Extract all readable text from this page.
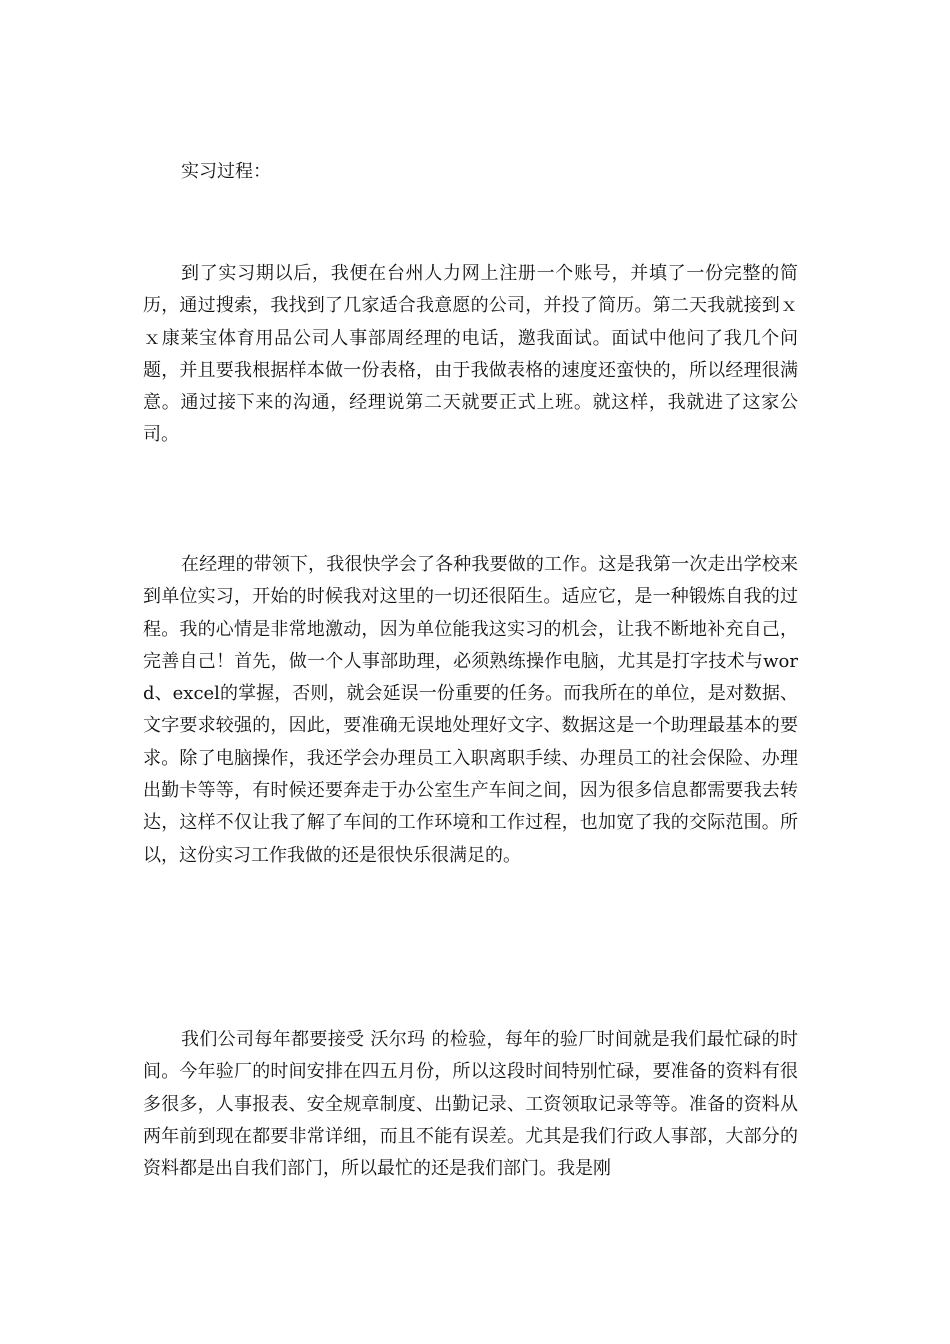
实习过程：

到了实习期以后，我便在台州人力网上注册一个账号，并填了一份完整的简历，通过搜索，我找到了几家适合我意愿的公司，并投了简历。第二天我就接到ｘｘ康莱宝体育用品公司人事部周经理的电话，邀我面试。面试中他问了我几个问题，并且要我根据样本做一份表格，由于我做表格的速度还蛮快的，所以经理很满意。通过接下来的沟通，经理说第二天就要正式上班。就这样，我就进了这家公司。

在经理的带领下，我很快学会了各种我要做的工作。这是我第一次走出学校来到单位实习，开始的时候我对这里的一切还很陌生。适应它，是一种锻炼自我的过程。我的心情是非常地激动，因为单位能我这实习的机会，让我不断地补充自己，完善自己！首先，做一个人事部助理，必须熟练操作电脑，尤其是打字技术与word、excel的掌握，否则，就会延误一份重要的任务。而我所在的单位，是对数据、文字要求较强的，因此，要准确无误地处理好文字、数据这是一个助理最基本的要求。除了电脑操作，我还学会办理员工入职离职手续、办理员工的社会保险、办理出勤卡等等，有时候还要奔走于办公室生产车间之间，因为很多信息都需要我去转达，这样不仅让我了解了车间的工作环境和工作过程，也加宽了我的交际范围。所以，这份实习工作我做的还是很快乐很满足的。

我们公司每年都要接受 沃尔玛 的检验，每年的验厂时间就是我们最忙碌的时间。今年验厂的时间安排在四五月份，所以这段时间特别忙碌，要准备的资料有很多很多，人事报表、安全规章制度、出勤记录、工资领取记录等等。准备的资料从两年前到现在都要非常详细，而且不能有误差。尤其是我们行政人事部，大部分的资料都是出自我们部门，所以最忙的还是我们部门。我是刚
